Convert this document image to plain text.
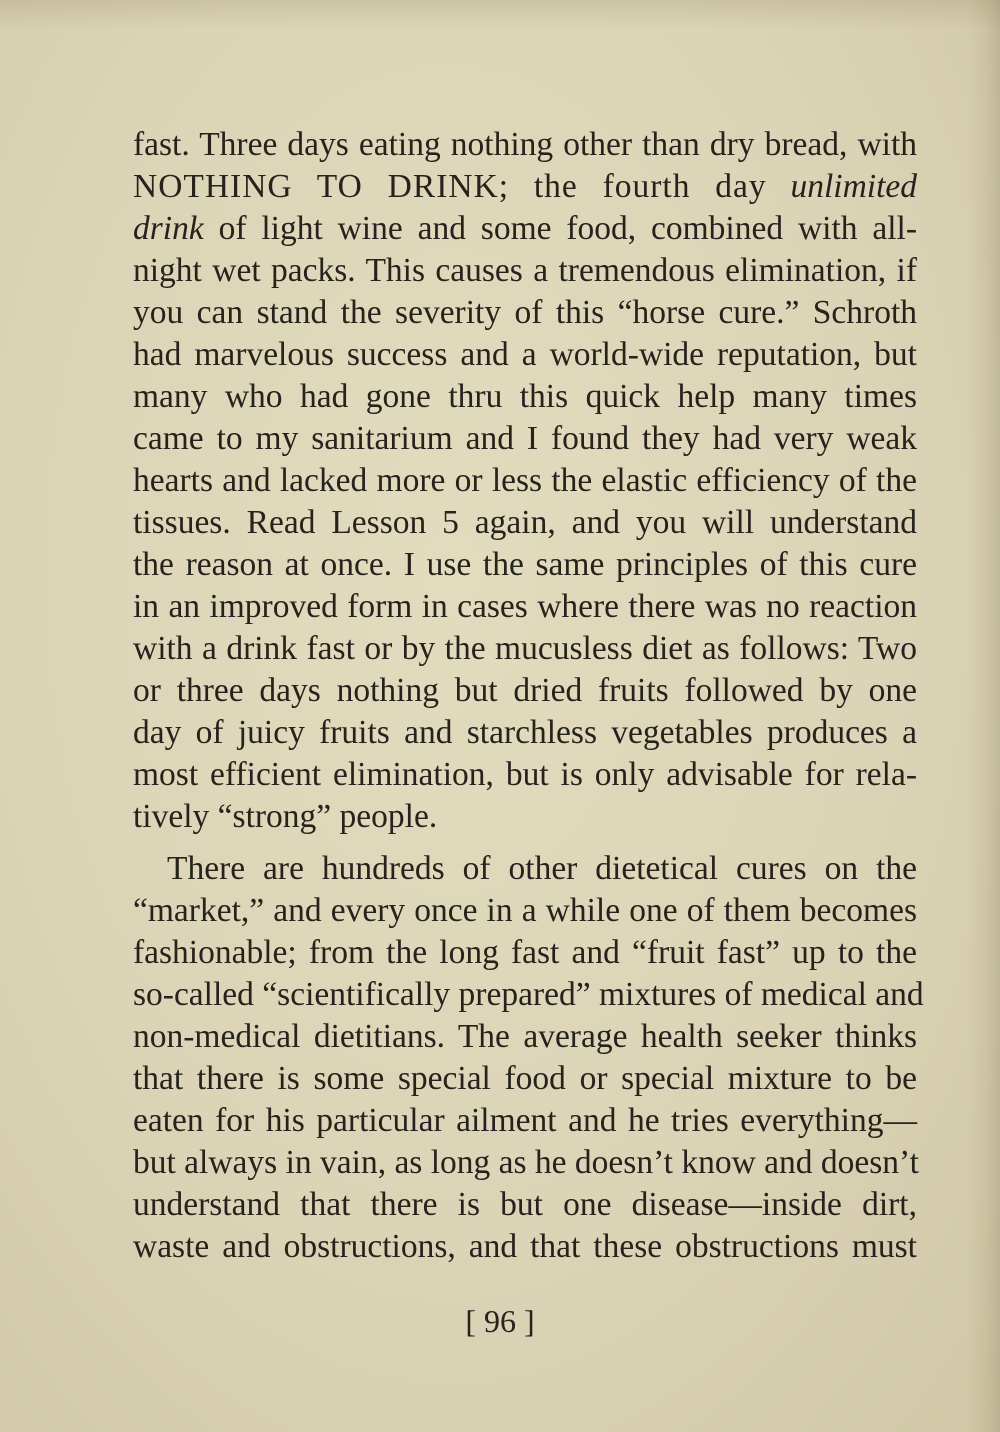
fast. Three days eating nothing other than dry bread, with
NOTHING TO DRINK; the fourth day unlimited
drink of light wine and some food, combined with all-
night wet packs. This causes a tremendous elimination, if
you can stand the severity of this “horse cure.” Schroth
had marvelous success and a world-wide reputation, but
many who had gone thru this quick help many times
came to my sanitarium and I found they had very weak
hearts and lacked more or less the elastic efficiency of the
tissues. Read Lesson 5 again, and you will understand
the reason at once. I use the same principles of this cure
in an improved form in cases where there was no reaction
with a drink fast or by the mucusless diet as follows: Two
or three days nothing but dried fruits followed by one
day of juicy fruits and starchless vegetables produces a
most efficient elimination, but is only advisable for rela-
tively “strong” people.
There are hundreds of other dietetical cures on the
“market,” and every once in a while one of them becomes
fashionable; from the long fast and “fruit fast” up to the
so-called “scientifically prepared” mixtures of medical and
non-medical dietitians. The average health seeker thinks
that there is some special food or special mixture to be
eaten for his particular ailment and he tries everything—
but always in vain, as long as he doesn’t know and doesn’t
understand that there is but one disease—inside dirt,
waste and obstructions, and that these obstructions must
[ 96 ]
